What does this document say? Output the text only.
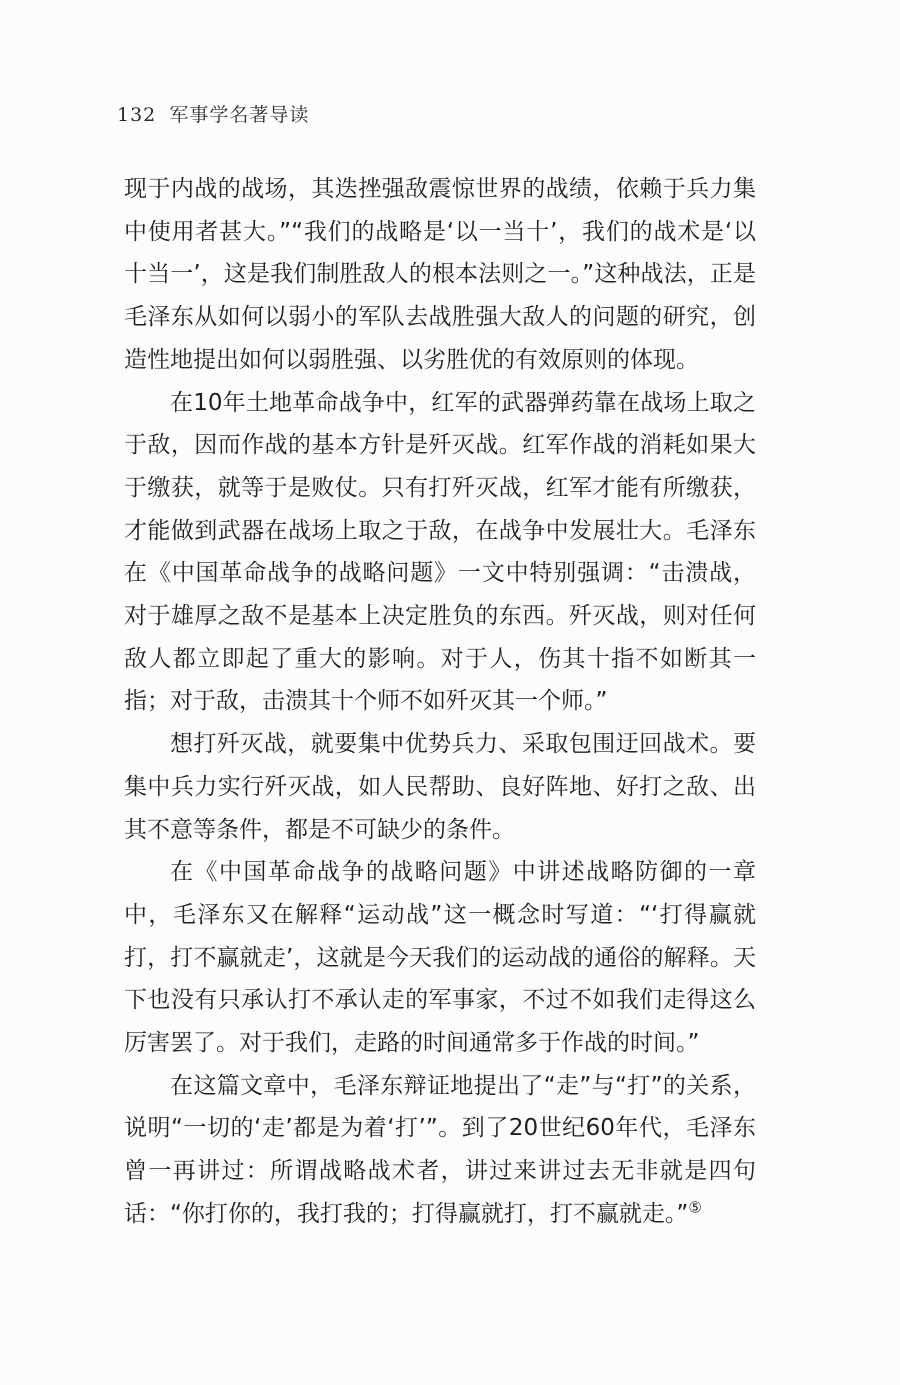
132 军事学名著导读

现于内战的战场，其迭挫强敌震惊世界的战绩，依赖于兵力集中使用者甚大。”“我们的战略是‘以一当十’，我们的战术是‘以十当一’，这是我们制胜敌人的根本法则之一。”这种战法，正是毛泽东从如何以弱小的军队去战胜强大敌人的问题的研究，创造性地提出如何以弱胜强、以劣胜优的有效原则的体现。

在10年土地革命战争中，红军的武器弹药靠在战场上取之于敌，因而作战的基本方针是歼灭战。红军作战的消耗如果大于缴获，就等于是败仗。只有打歼灭战，红军才能有所缴获，才能做到武器在战场上取之于敌，在战争中发展壮大。毛泽东在《中国革命战争的战略问题》一文中特别强调：“击溃战，对于雄厚之敌不是基本上决定胜负的东西。歼灭战，则对任何敌人都立即起了重大的影响。对于人，伤其十指不如断其一指；对于敌，击溃其十个师不如歼灭其一个师。”

想打歼灭战，就要集中优势兵力、采取包围迂回战术。要集中兵力实行歼灭战，如人民帮助、良好阵地、好打之敌、出其不意等条件，都是不可缺少的条件。

在《中国革命战争的战略问题》中讲述战略防御的一章中，毛泽东又在解释“运动战”这一概念时写道：“‘打得赢就打，打不赢就走’，这就是今天我们的运动战的通俗的解释。天下也没有只承认打不承认走的军事家，不过不如我们走得这么厉害罢了。对于我们，走路的时间通常多于作战的时间。”

在这篇文章中，毛泽东辩证地提出了“走”与“打”的关系，说明“一切的‘走’都是为着‘打’”。到了20世纪60年代，毛泽东曾一再讲过：所谓战略战术者，讲过来讲过去无非就是四句话：“你打你的，我打我的；打得赢就打，打不赢就走。”⑤
